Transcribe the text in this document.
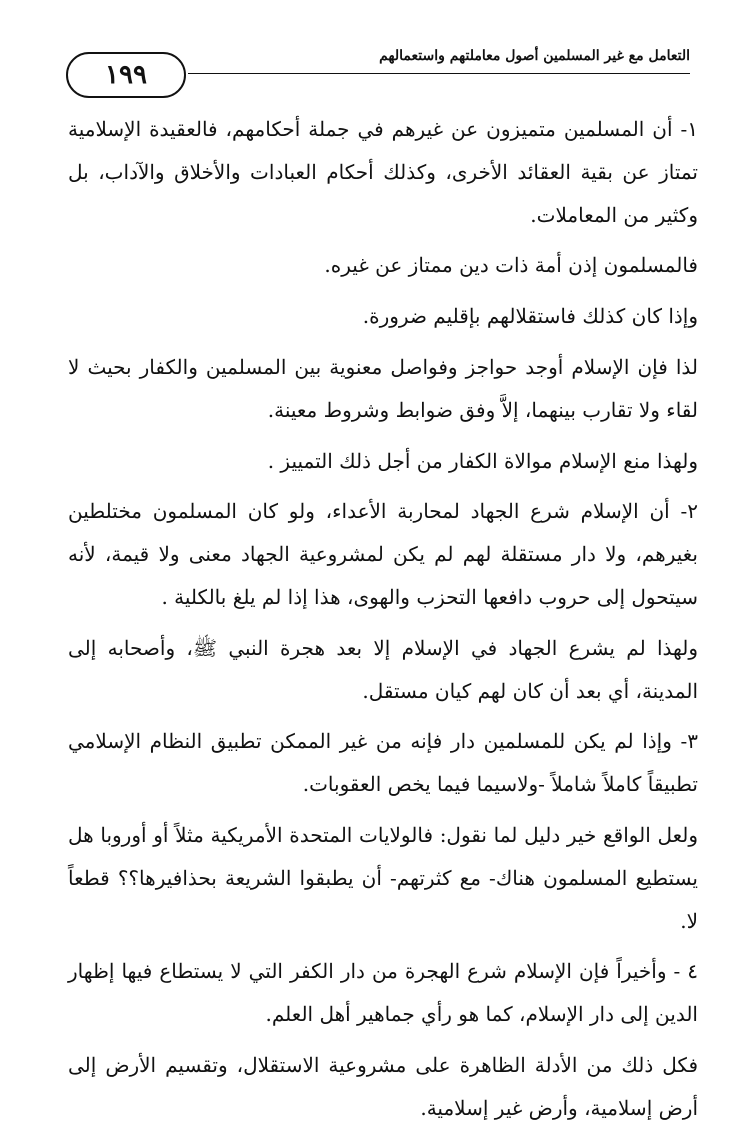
التعامل مع غير المسلمين أصول معاملتهم واستعمالهم
١٩٩

١- أن المسلمين متميزون عن غيرهم في جملة أحكامهم، فالعقيدة الإسلامية تمتاز عن بقية العقائد الأخرى، وكذلك أحكام العبادات والأخلاق والآداب، بل وكثير من المعاملات.

فالمسلمون إذن أمة ذات دين ممتاز عن غيره.

وإذا كان كذلك فاستقلالهم بإقليم ضرورة.

لذا فإن الإسلام أوجد حواجز وفواصل معنوية بين المسلمين والكفار بحيث لا لقاء ولا تقارب بينهما، إلاَّ وفق ضوابط وشروط معينة.

ولهذا منع الإسلام موالاة الكفار من أجل ذلك التمييز .

٢- أن الإسلام شرع الجهاد لمحاربة الأعداء، ولو كان المسلمون مختلطين بغيرهم، ولا دار مستقلة لهم لم يكن لمشروعية الجهاد معنى ولا قيمة، لأنه سيتحول إلى حروب دافعها التحزب والهوى، هذا إذا لم يلغ بالكلية .

ولهذا لم يشرع الجهاد في الإسلام إلا بعد هجرة النبي ﷺ، وأصحابه إلى المدينة، أي بعد أن كان لهم كيان مستقل.

٣- وإذا لم يكن للمسلمين دار فإنه من غير الممكن تطبيق النظام الإسلامي تطبيقاً كاملاً شاملاً -ولاسيما فيما يخص العقوبات.

ولعل الواقع خير دليل لما نقول: فالولايات المتحدة الأمريكية مثلاً أو أوروبا هل يستطيع المسلمون هناك- مع كثرتهم- أن يطبقوا الشريعة بحذافيرها؟؟ قطعاً لا.

٤ - وأخيراً فإن الإسلام شرع الهجرة من دار الكفر التي لا يستطاع فيها إظهار الدين إلى دار الإسلام، كما هو رأي جماهير أهل العلم.

فكل ذلك من الأدلة الظاهرة على مشروعية الاستقلال، وتقسيم الأرض إلى أرض إسلامية، وأرض غير إسلامية.
